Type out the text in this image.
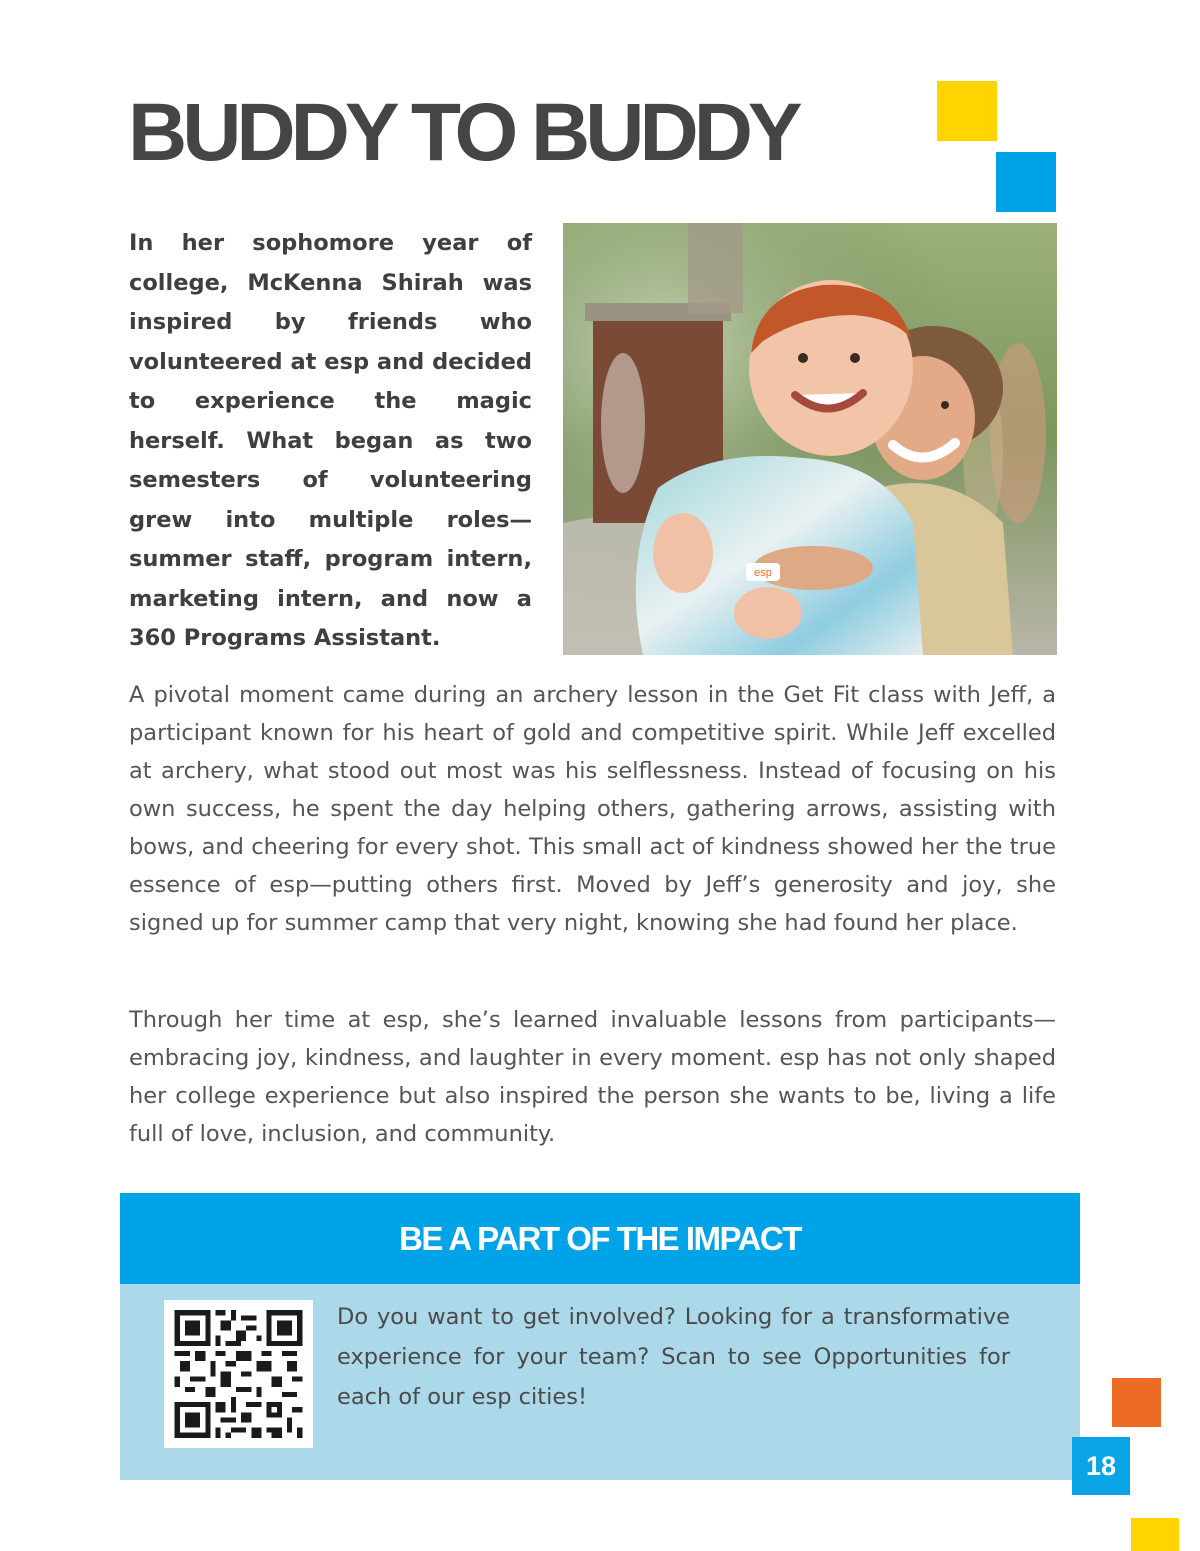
BUDDY TO BUDDY

In her sophomore year of college, McKenna Shirah was inspired by friends who volunteered at esp and decided to experience the magic herself. What began as two semesters of volunteering grew into multiple roles—summer staff, program intern, marketing intern, and now a 360 Programs Assistant.

esp

A pivotal moment came during an archery lesson in the Get Fit class with Jeff, a participant known for his heart of gold and competitive spirit. While Jeff excelled at archery, what stood out most was his selflessness. Instead of focusing on his own success, he spent the day helping others, gathering arrows, assisting with bows, and cheering for every shot. This small act of kindness showed her the true essence of esp—putting others first. Moved by Jeff’s generosity and joy, she signed up for summer camp that very night, knowing she had found her place.

Through her time at esp, she’s learned invaluable lessons from participants—embracing joy, kindness, and laughter in every moment. esp has not only shaped her college experience but also inspired the person she wants to be, living a life full of love, inclusion, and community.

BE A PART OF THE IMPACT

Do you want to get involved? Looking for a transformative experience for your team? Scan to see Opportunities for each of our esp cities!

18
